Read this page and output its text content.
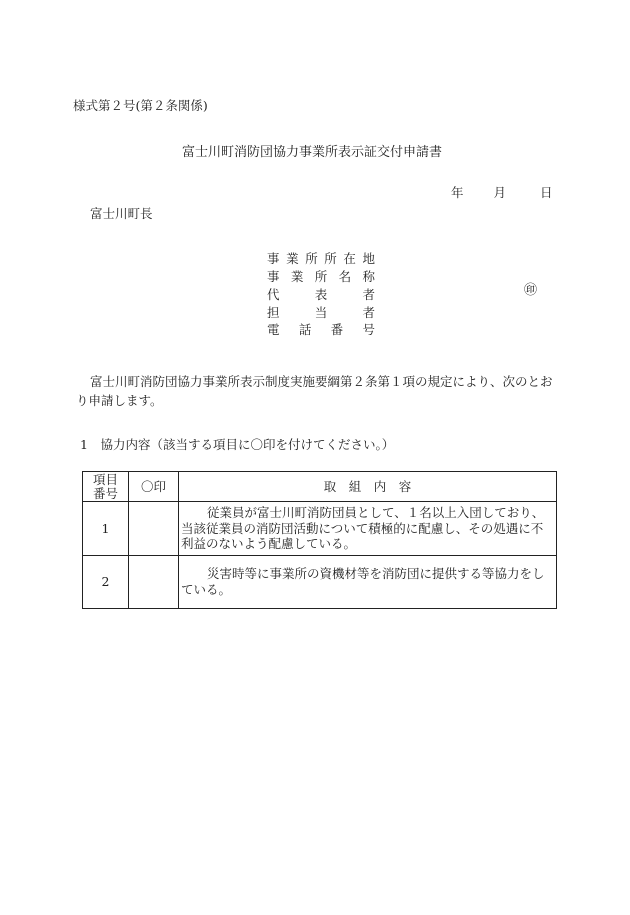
様式第２号(第２条関係)
富士川町消防団協力事業所表示証交付申請書
年 月	日
富士川町長
事 業 所 所 在 地
事 業 所 名 称
代	表	者
担	当	者
電 話 番 号
㊞
富士川町消防団協力事業所表示制度実施要綱第２条第１項の規定により、次のとおり申請します。
1　協力内容（該当する項目に〇印を付けてください。）
項目
番号	〇印	取　組　内　容
1		従業員が富士川町消防団員として、１名以上入団しており、当該従業員の消防団活動について積極的に配慮し、その処遇に不利益のないよう配慮している。
2		災害時等に事業所の資機材等を消防団に提供する等協力をしている。
